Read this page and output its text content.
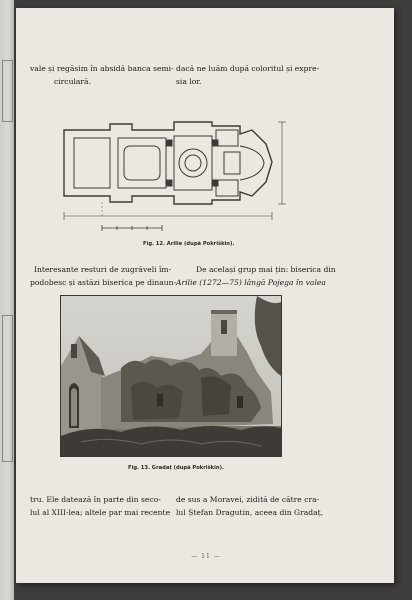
vale și regăsim în absidă banca semi-
circulară.
dacă ne luăm după coloritul și expre-
sia lor.
Fig. 12. Arilie (după Pokriškin).
Interesante resturi de zugrăveli îm-
podobesc și astăzi biserica pe dinaun-
De același grup mai țin: biserica din
Arilie (1272—75) lângă Pojega în valea
Fig. 13. Gradaț (după Pokriškin).
tru. Ele datează în parte din seco-
lul al XIII-lea; altele par mai recente
de sus a Moravei, zidită de către cra-
lul Ștefan Dragutin, aceea din Gradaț,
— 11 —
